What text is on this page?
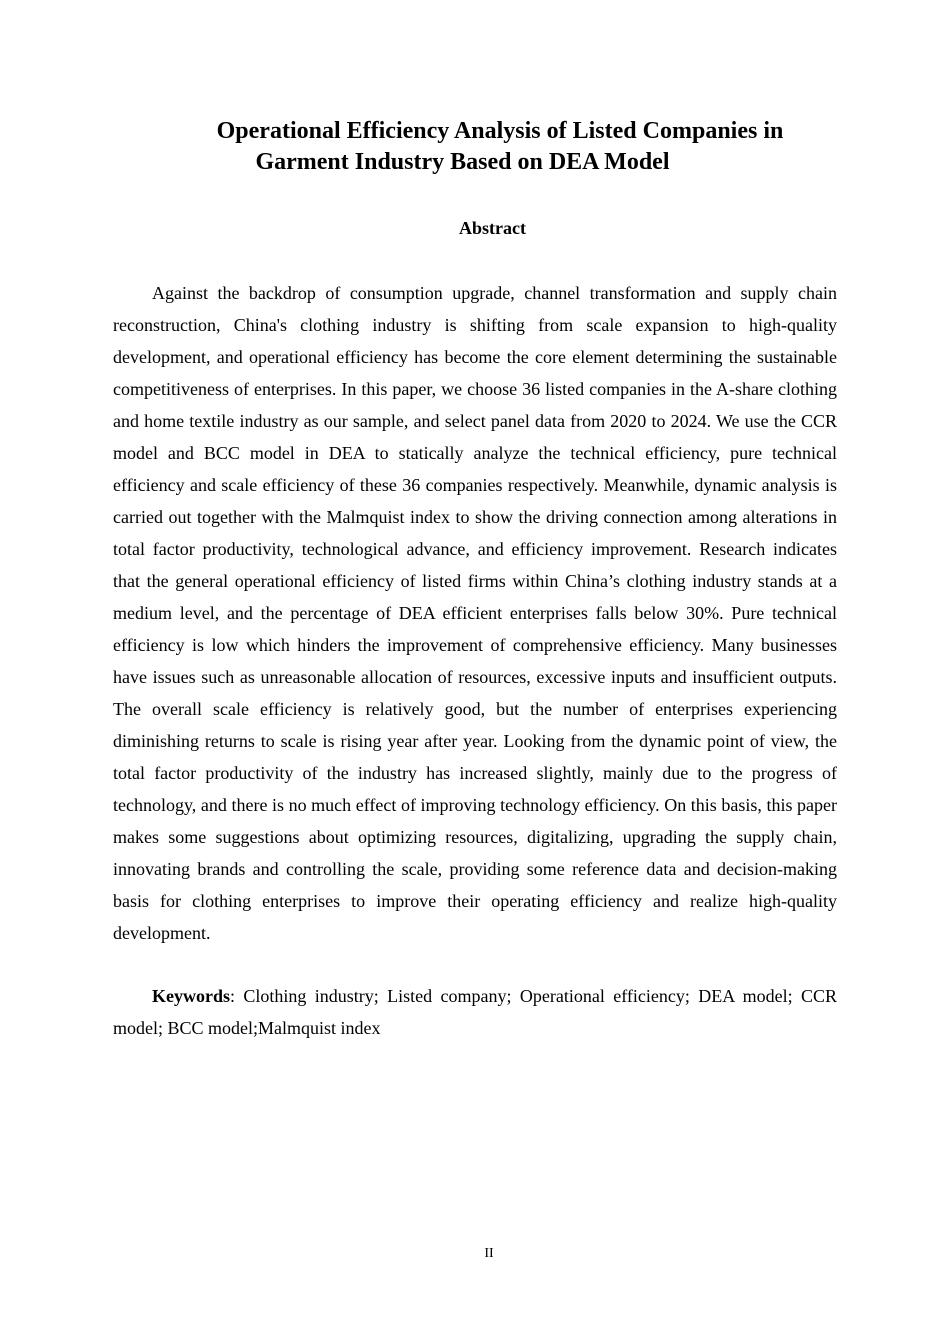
Operational Efficiency Analysis of Listed Companies in
Garment Industry Based on DEA Model
Abstract

Against the backdrop of consumption upgrade, channel transformation and supply chain reconstruction, China's clothing industry is shifting from scale expansion to high-quality development, and operational efficiency has become the core element determining the sustainable competitiveness of enterprises. In this paper, we choose 36 listed companies in the A-share clothing and home textile industry as our sample, and select panel data from 2020 to 2024. We use the CCR model and BCC model in DEA to statically analyze the technical efficiency, pure technical efficiency and scale efficiency of these 36 companies respectively. Meanwhile, dynamic analysis is carried out together with the Malmquist index to show the driving connection among alterations in total factor productivity, technological advance, and efficiency improvement. Research indicates that the general operational efficiency of listed firms within China’s clothing industry stands at a medium level, and the percentage of DEA efficient enterprises falls below 30%. Pure technical efficiency is low which hinders the improvement of comprehensive efficiency. Many businesses have issues such as unreasonable allocation of resources, excessive inputs and insufficient outputs. The overall scale efficiency is relatively good, but the number of enterprises experiencing diminishing returns to scale is rising year after year. Looking from the dynamic point of view, the total factor productivity of the industry has increased slightly, mainly due to the progress of technology, and there is no much effect of improving technology efficiency. On this basis, this paper makes some suggestions about optimizing resources, digitalizing, upgrading the supply chain, innovating brands and controlling the scale, providing some reference data and decision-making basis for clothing enterprises to improve their operating efficiency and realize high-quality development.

Keywords: Clothing industry; Listed company; Operational efficiency; DEA model; CCR model; BCC model;Malmquist index

II
